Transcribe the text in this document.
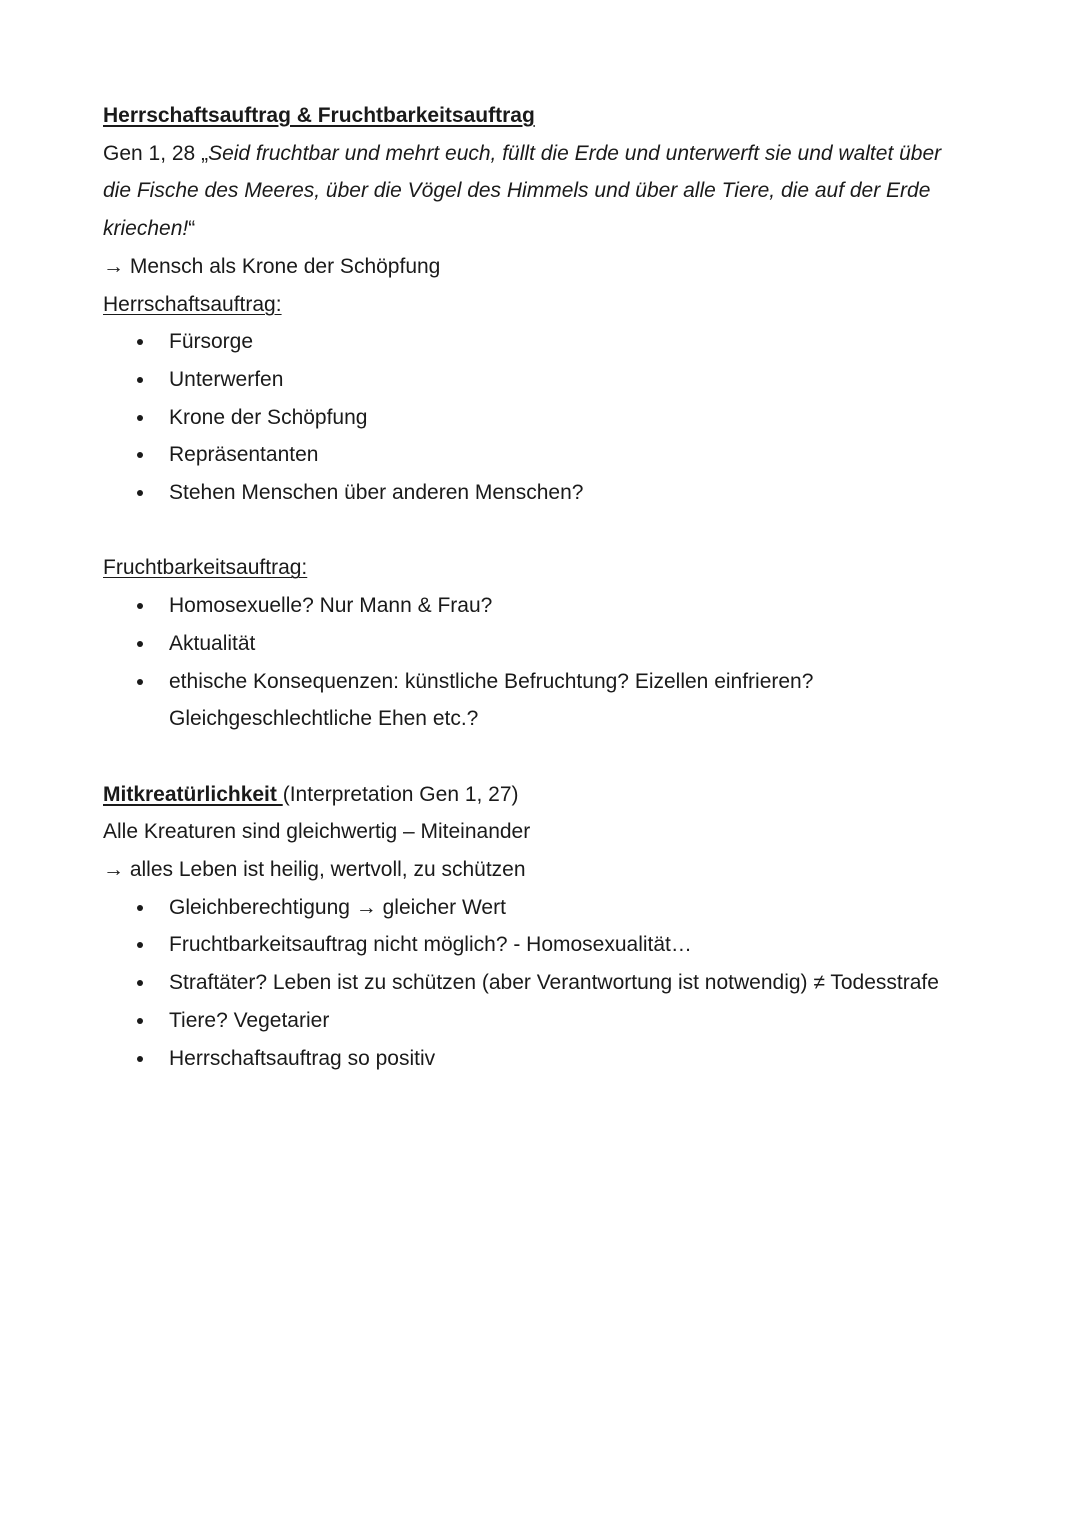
Herrschaftsauftrag & Fruchtbarkeitsauftrag

Gen 1, 28 „Seid fruchtbar und mehrt euch, füllt die Erde und unterwerft sie und waltet über

die Fische des Meeres, über die Vögel des Himmels und über alle Tiere, die auf der Erde

kriechen!“

→ Mensch als Krone der Schöpfung

Herrschaftsauftrag:

Fürsorge
Unterwerfen
Krone der Schöpfung
Repräsentanten
Stehen Menschen über anderen Menschen?

Fruchtbarkeitsauftrag:

Homosexuelle? Nur Mann & Frau?
Aktualität
ethische Konsequenzen: künstliche Befruchtung? Eizellen einfrieren?
Gleichgeschlechtliche Ehen etc.?

Mitkreatürlichkeit (Interpretation Gen 1, 27)

Alle Kreaturen sind gleichwertig – Miteinander

→ alles Leben ist heilig, wertvoll, zu schützen

Gleichberechtigung → gleicher Wert
Fruchtbarkeitsauftrag nicht möglich? - Homosexualität…
Straftäter? Leben ist zu schützen (aber Verantwortung ist notwendig) ≠ Todesstrafe
Tiere? Vegetarier
Herrschaftsauftrag so positiv
